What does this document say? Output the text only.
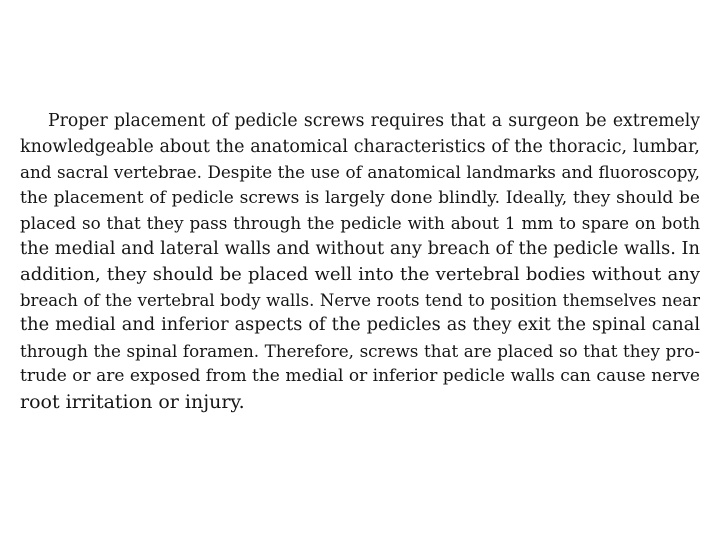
Proper placement of pedicle screws requires that a surgeon be extremely
knowledgeable about the anatomical characteristics of the thoracic, lumbar,
and sacral vertebrae. Despite the use of anatomical landmarks and fluoroscopy,
the placement of pedicle screws is largely done blindly. Ideally, they should be
placed so that they pass through the pedicle with about 1 mm to spare on both
the medial and lateral walls and without any breach of the pedicle walls. In
addition, they should be placed well into the vertebral bodies without any
breach of the vertebral body walls. Nerve roots tend to position themselves near
the medial and inferior aspects of the pedicles as they exit the spinal canal
through the spinal foramen. Therefore, screws that are placed so that they pro-
trude or are exposed from the medial or inferior pedicle walls can cause nerve
root irritation or injury.
